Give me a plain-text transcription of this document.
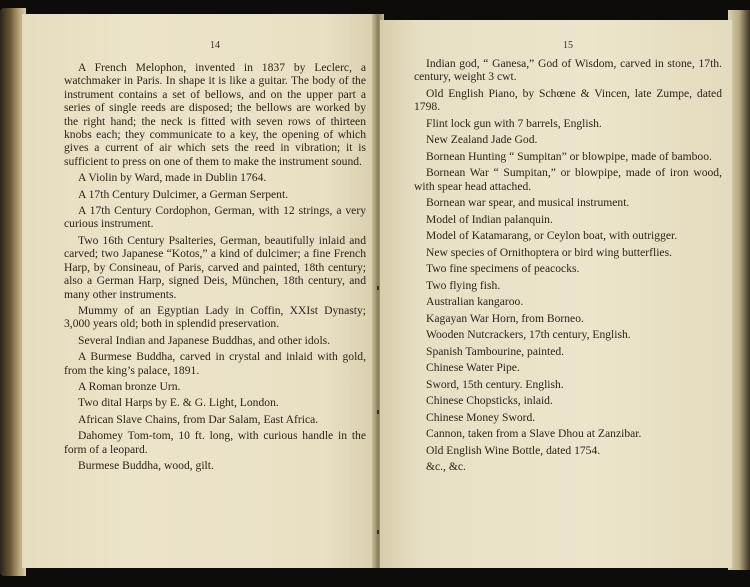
14

A French Melophon, invented in 1837 by Leclerc, a watchmaker in Paris. In shape it is like a guitar. The body of the instrument contains a set of bellows, and on the upper part a series of single reeds are disposed; the bellows are worked by the right hand; the neck is fitted with seven rows of thirteen knobs each; they communicate to a key, the opening of which gives a current of air which sets the reed in vibration; it is sufficient to press on one of them to make the instrument sound.

A Violin by Ward, made in Dublin 1764.

A 17th Century Dulcimer, a German Serpent.

A 17th Century Cordophon, German, with 12 strings, a very curious instrument.

Two 16th Century Psalteries, German, beautifully inlaid and carved; two Japanese “Kotos,” a kind of dulcimer; a fine French Harp, by Consineau, of Paris, carved and painted, 18th century; also a German Harp, signed Deis, München, 18th century, and many other instruments.

Mummy of an Egyptian Lady in Coffin, XXIst Dynasty; 3,000 years old; both in splendid preservation.

Several Indian and Japanese Buddhas, and other idols.

A Burmese Buddha, carved in crystal and inlaid with gold, from the king’s palace, 1891.

A Roman bronze Urn.

Two dital Harps by E. & G. Light, London.

African Slave Chains, from Dar Salam, East Africa.

Dahomey Tom-tom, 10 ft. long, with curious handle in the form of a leopard.

Burmese Buddha, wood, gilt.

15

Indian god, “ Ganesa,” God of Wisdom, carved in stone, 17th. century, weight 3 cwt.

Old English Piano, by Schœne & Vincen, late Zumpe, dated 1798.

Flint lock gun with 7 barrels, English.

New Zealand Jade God.

Bornean Hunting “ Sumpitan” or blowpipe, made of bamboo.

Bornean War “ Sumpitan,” or blowpipe, made of iron wood, with spear head attached.

Bornean war spear, and musical instrument.

Model of Indian palanquin.

Model of Katamarang, or Ceylon boat, with outrigger.

New species of Ornithoptera or bird wing butterflies.

Two fine specimens of peacocks.

Two flying fish.

Australian kangaroo.

Kagayan War Horn, from Borneo.

Wooden Nutcrackers, 17th century, English.

Spanish Tambourine, painted.

Chinese Water Pipe.

Sword, 15th century. English.

Chinese Chopsticks, inlaid.

Chinese Money Sword.

Cannon, taken from a Slave Dhou at Zanzibar.

Old English Wine Bottle, dated 1754.

&c., &c.
